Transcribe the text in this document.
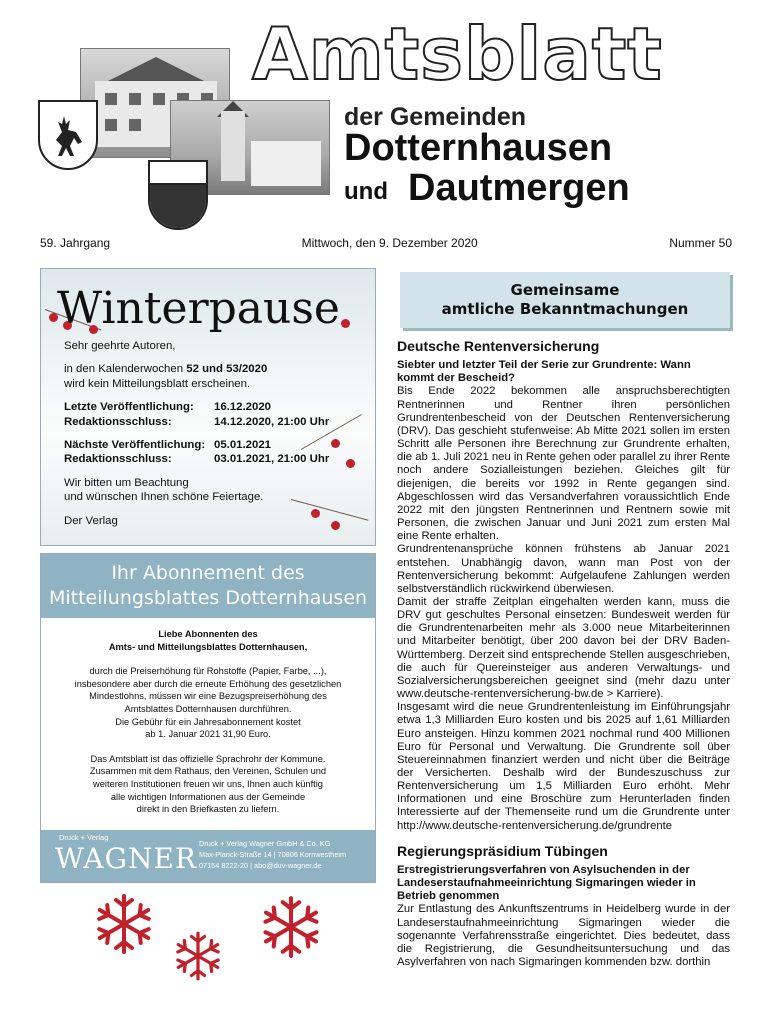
Amtsblatt
der Gemeinden
Dotternhausen
und Dautmergen
59. Jahrgang	Mittwoch, den 9. Dezember 2020	Nummer 50
Winterpause

Sehr geehrte Autoren,

in den Kalenderwochen 52 und 53/2020
wird kein Mitteilungsblatt erscheinen.

Letzte Veröffentlichung:	16.12.2020
Redaktionsschluss:	14.12.2020, 21:00 Uhr

Nächste Veröffentlichung: 05.01.2021
Redaktionsschluss:	03.01.2021, 21:00 Uhr

Wir bitten um Beachtung
und wünschen Ihnen schöne Feiertage.

Der Verlag

Ihr Abonnement des
Mitteilungsblattes Dotternhausen
Liebe Abonnenten des
Amts- und Mitteilungsblattes Dotternhausen,
durch die Preiserhöhung für Rohstoffe (Papier, Farbe, ...),
insbesondere aber durch die erneute Erhöhung des gesetzlichen
Mindestlohns, müssen wir eine Bezugspreiserhöhung des
Amtsblattes Dotternhausen durchführen.
Die Gebühr für ein Jahresabonnement kostet
ab 1. Januar 2021 31,90 Euro.
Das Amtsblatt ist das offizielle Sprachrohr der Kommune.
Zusammen mit dem Rathaus, den Vereinen, Schulen und
weiteren Institutionen freuen wir uns, Ihnen auch künftig
alle wichtigen Informationen aus der Gemeinde
direkt in den Briefkasten zu liefern.
Druck + Verlag
WAGNER Druck + Verlag Wagner GmbH & Co. KG
Max-Planck-Straße 14 | 70806 Kornwestheim
07154 8222-20 | abo@duv-wagner.de
Gemeinsame
amtliche Bekanntmachungen
Deutsche Rentenversicherung
Siebter und letzter Teil der Serie zur Grundrente: Wann kommt der Bescheid?

Bis Ende 2022 bekommen alle anspruchsberechtigten Rentnerinnen und Rentner ihren persönlichen Grundrentenbescheid von der Deutschen Rentenversicherung (DRV). Das geschieht stufenweise: Ab Mitte 2021 sollen im ersten Schritt alle Personen ihre Berechnung zur Grundrente erhalten, die ab 1. Juli 2021 neu in Rente gehen oder parallel zu ihrer Rente noch andere Sozialleistungen beziehen. Gleiches gilt für diejenigen, die bereits vor 1992 in Rente gegangen sind. Abgeschlossen wird das Versandverfahren voraussichtlich Ende 2022 mit den jüngsten Rentnerinnen und Rentnern sowie mit Personen, die zwischen Januar und Juni 2021 zum ersten Mal eine Rente erhalten.

Grundrentenansprüche können frühstens ab Januar 2021 entstehen. Unabhängig davon, wann man Post von der Rentenversicherung bekommt: Aufgelaufene Zahlungen werden selbstverständlich rückwirkend überwiesen.

Damit der straffe Zeitplan eingehalten werden kann, muss die DRV gut geschultes Personal einsetzen: Bundesweit werden für die Grundrentenarbeiten mehr als 3.000 neue Mitarbeiterinnen und Mitarbeiter benötigt, über 200 davon bei der DRV Baden-Württemberg. Derzeit sind entsprechende Stellen ausgeschrieben, die auch für Quereinsteiger aus anderen Verwaltungs- und Sozialversicherungsbereichen geeignet sind (mehr dazu unter www.deutsche-rentenversicherung-bw.de > Karriere).

Insgesamt wird die neue Grundrentenleistung im Einführungsjahr etwa 1,3 Milliarden Euro kosten und bis 2025 auf 1,61 Milliarden Euro ansteigen. Hinzu kommen 2021 nochmal rund 400 Millionen Euro für Personal und Verwaltung. Die Grundrente soll über Steuereinnahmen finanziert werden und nicht über die Beiträge der Versicherten. Deshalb wird der Bundeszuschuss zur Rentenversicherung um 1,5 Milliarden Euro erhöht. Mehr Informationen und eine Broschüre zum Herunterladen finden Interessierte auf der Themenseite rund um die Grundrente unter http://www.deutsche-rentenversicherung.de/grundrente

Regierungspräsidium Tübingen
Erstregistrierungsverfahren von Asylsuchenden in der Landeserstaufnahmeeinrichtung Sigmaringen wieder in Betrieb genommen

Zur Entlastung des Ankunftszentrums in Heidelberg wurde in der Landeserstaufnahmeeinrichtung Sigmaringen wieder die sogenannte Verfahrensstraße eingerichtet. Dies bedeutet, dass die Registrierung, die Gesundheitsuntersuchung und das Asylverfahren von nach Sigmaringen kommenden bzw. dorthin
